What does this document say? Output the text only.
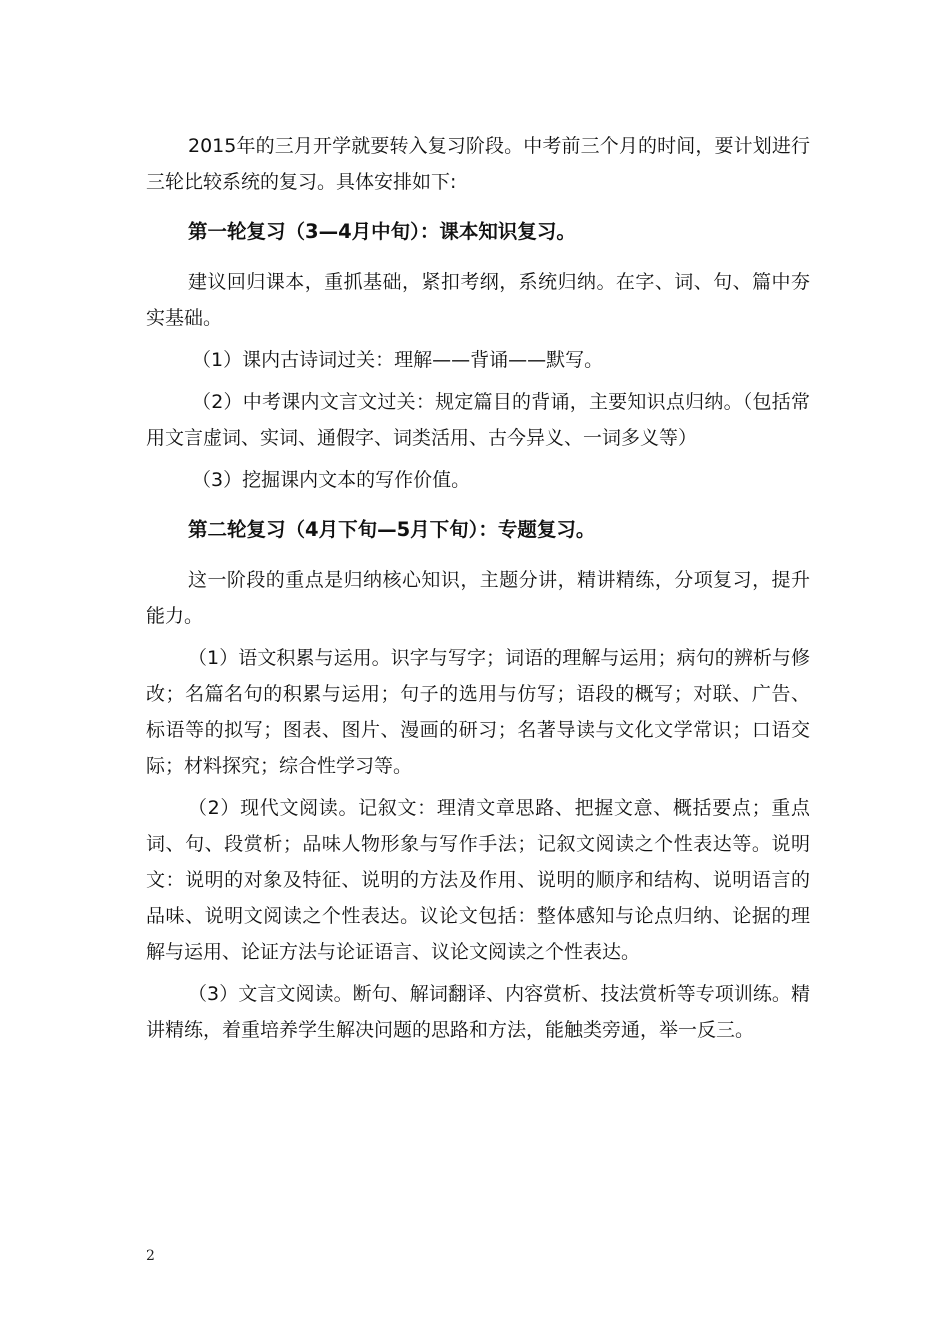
2015年的三月开学就要转入复习阶段。中考前三个月的时间，要计划进行三轮比较系统的复习。具体安排如下:

第一轮复习（3—4月中旬）：课本知识复习。

建议回归课本，重抓基础，紧扣考纲，系统归纳。在字、词、句、篇中夯实基础。

（1）课内古诗词过关：理解——背诵——默写。

（2）中考课内文言文过关：规定篇目的背诵，主要知识点归纳。（包括常用文言虚词、实词、通假字、词类活用、古今异义、一词多义等）

（3）挖掘课内文本的写作价值。

第二轮复习（4月下旬—5月下旬）：专题复习。

这一阶段的重点是归纳核心知识，主题分讲，精讲精练，分项复习，提升能力。

（1）语文积累与运用。识字与写字；词语的理解与运用；病句的辨析与修改；名篇名句的积累与运用；句子的选用与仿写；语段的概写；对联、广告、标语等的拟写；图表、图片、漫画的研习；名著导读与文化文学常识；口语交际；材料探究；综合性学习等。

（2）现代文阅读。记叙文：理清文章思路、把握文意、概括要点；重点词、句、段赏析；品味人物形象与写作手法；记叙文阅读之个性表达等。说明文：说明的对象及特征、说明的方法及作用、说明的顺序和结构、说明语言的品味、说明文阅读之个性表达。议论文包括：整体感知与论点归纳、论据的理解与运用、论证方法与论证语言、议论文阅读之个性表达。

（3）文言文阅读。断句、解词翻译、内容赏析、技法赏析等专项训练。精讲精练，着重培养学生解决问题的思路和方法，能触类旁通，举一反三。

2
